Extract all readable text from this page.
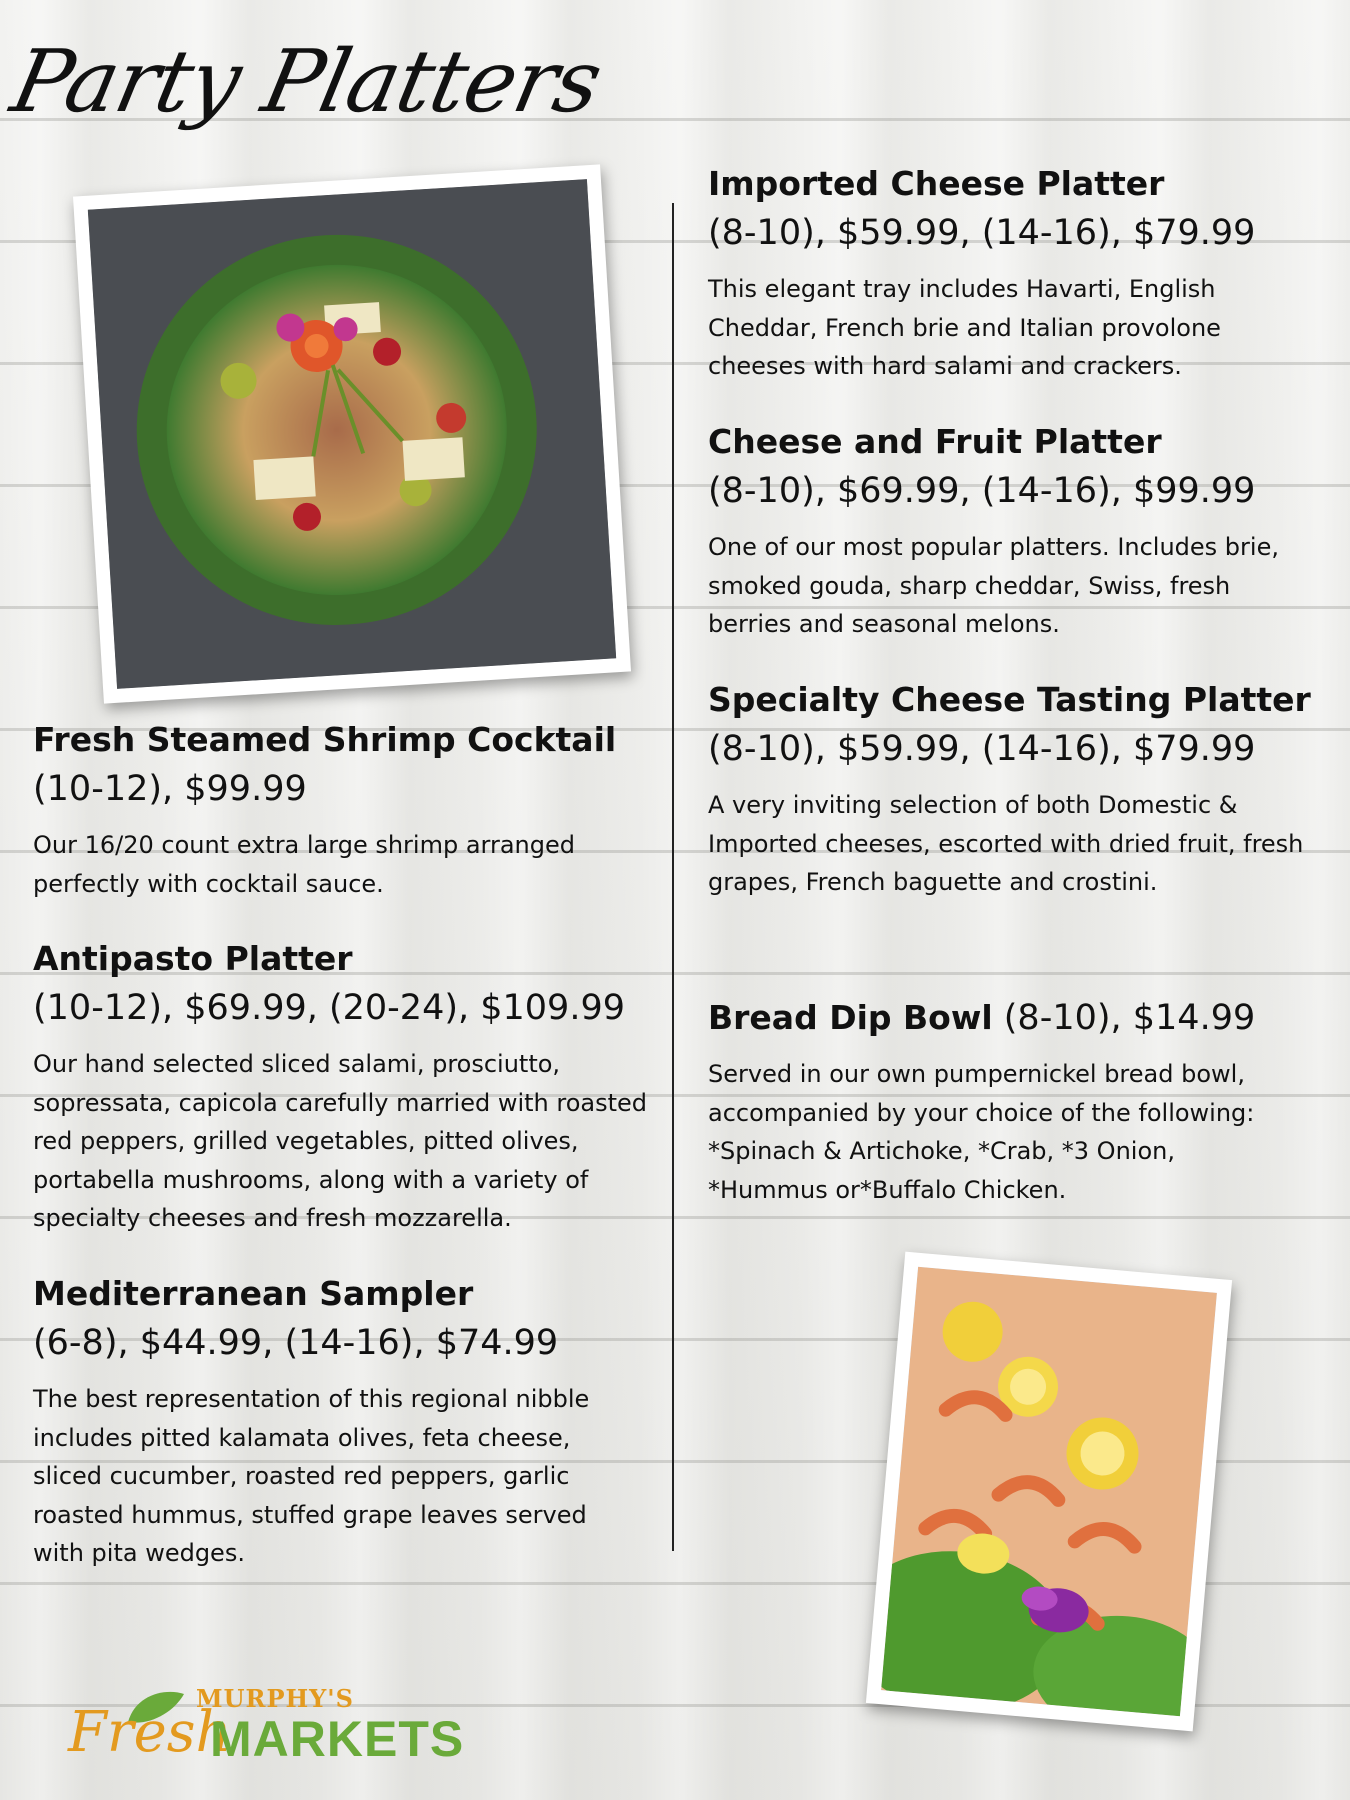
Party Platters
Fresh Steamed Shrimp Cocktail
(10-12), $99.99

Our 16/20 count extra large shrimp arranged perfectly with cocktail sauce.

Antipasto Platter
(10-12), $69.99, (20-24), $109.99

Our hand selected sliced salami, prosciutto, sopressata, capicola carefully married with roasted red peppers, grilled vegetables, pitted olives, portabella mushrooms, along with a variety of specialty cheeses and fresh mozzarella.

Mediterranean Sampler
(6-8), $44.99, (14-16), $74.99

The best representation of this regional nibble includes pitted kalamata olives, feta cheese, sliced cucumber, roasted red peppers, garlic roasted hummus, stuffed grape leaves served with pita wedges.

Imported Cheese Platter
(8-10), $59.99, (14-16), $79.99

This elegant tray includes Havarti, English Cheddar, French brie and Italian provolone cheeses with hard salami and crackers.

Cheese and Fruit Platter
(8-10), $69.99, (14-16), $99.99

One of our most popular platters. Includes brie, smoked gouda, sharp cheddar, Swiss, fresh berries and seasonal melons.

Specialty Cheese Tasting Platter
(8-10), $59.99, (14-16), $79.99

A very inviting selection of both Domestic & Imported cheeses, escorted with dried fruit, fresh grapes, French baguette and crostini.

Bread Dip Bowl (8-10), $14.99

Served in our own pumpernickel bread bowl,
accompanied by your choice of the following:
*Spinach & Artichoke, *Crab, *3 Onion,
*Hummus or*Buffalo Chicken.

MURPHY'S
Fresh
MARKETS
